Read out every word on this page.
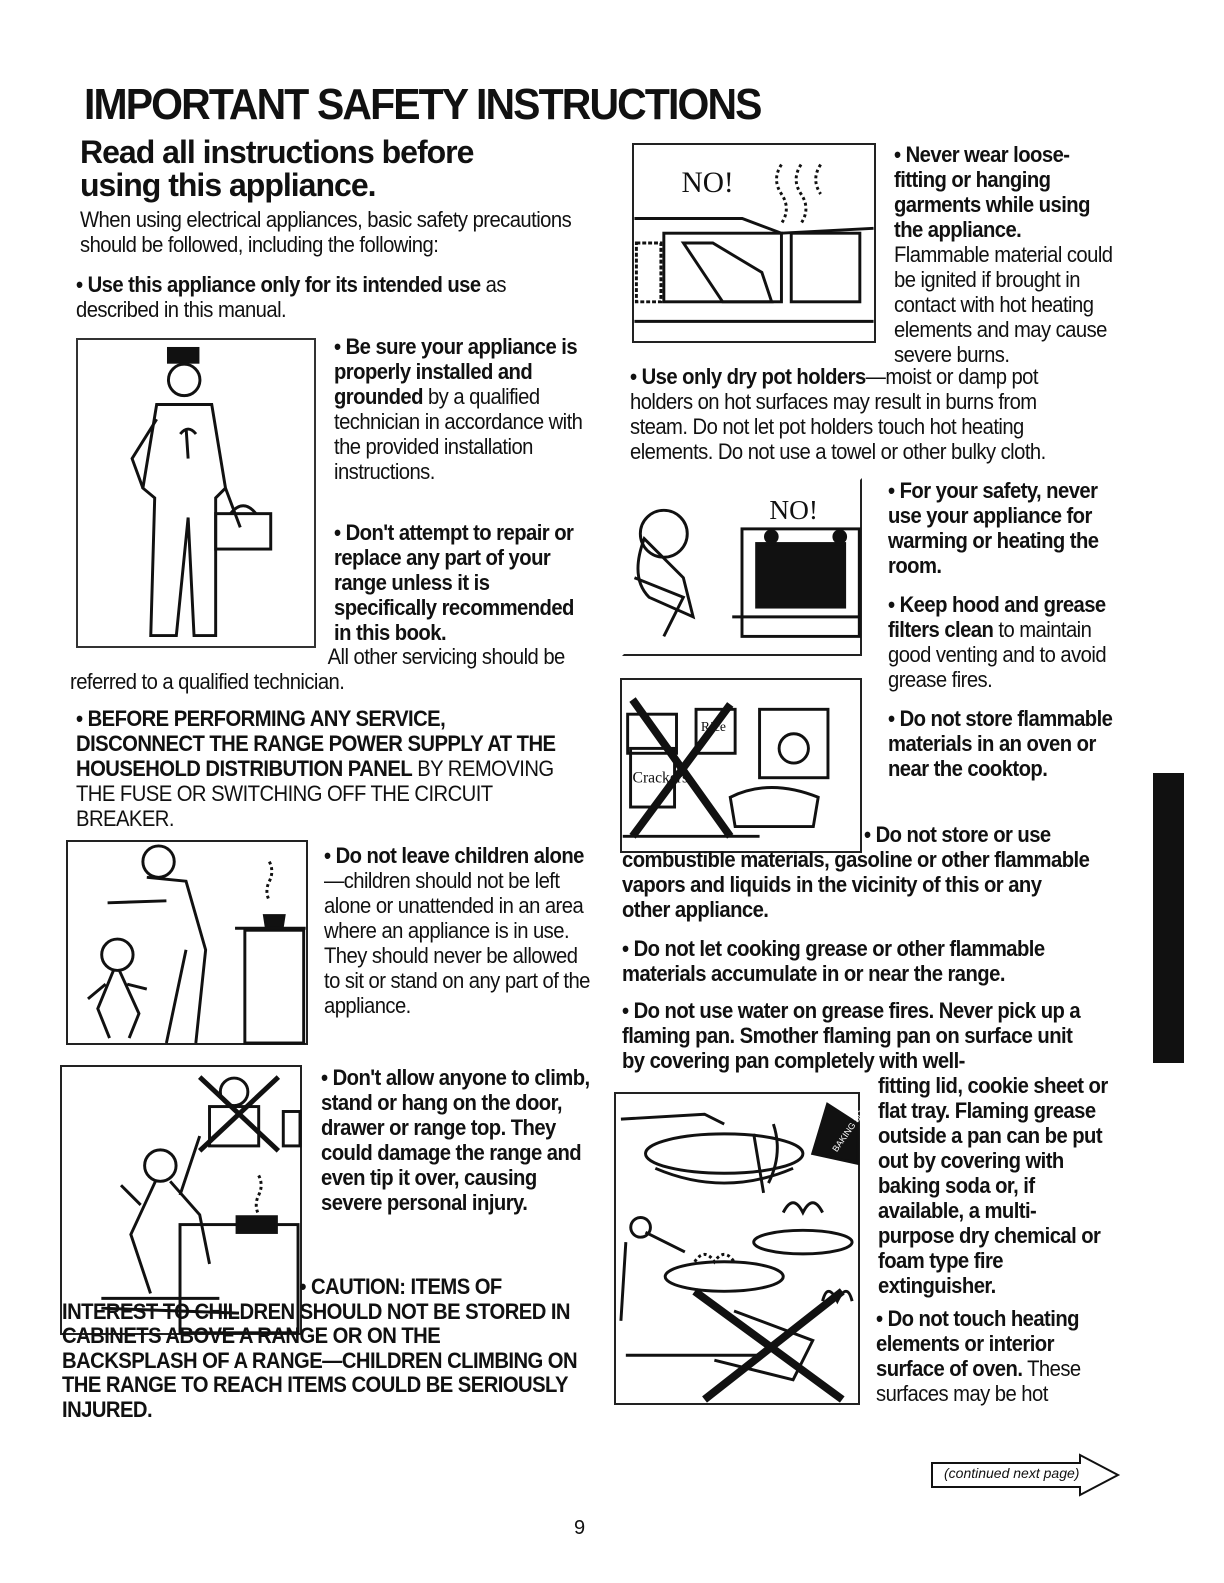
IMPORTANT SAFETY INSTRUCTIONS
Read all instructions before using this appliance.
When using electrical appliances, basic safety precautions should be followed, including the following:
• Use this appliance only for its intended use as described in this manual.
• Be sure your appliance is properly installed and grounded by a qualified technician in accordance with the provided installation instructions.
• Don't attempt to repair or replace any part of your range unless it is specifically recommended in this book.
All other servicing should be referred to a qualified technician.
• BEFORE PERFORMING ANY SERVICE, DISCONNECT THE RANGE POWER SUPPLY AT THE HOUSEHOLD DISTRIBUTION PANEL BY REMOVING THE FUSE OR SWITCHING OFF THE CIRCUIT BREAKER.
• Do not leave children alone—children should not be left alone or unattended in an area where an appliance is in use. They should never be allowed to sit or stand on any part of the appliance.
• Don't allow anyone to climb, stand or hang on the door, drawer or range top. They could damage the range and even tip it over, causing severe personal injury.
• CAUTION: ITEMS OF INTEREST TO CHILDREN SHOULD NOT BE STORED IN CABINETS ABOVE A RANGE OR ON THE BACKSPLASH OF A RANGE—CHILDREN CLIMBING ON THE RANGE TO REACH ITEMS COULD BE SERIOUSLY INJURED.
NO!
• Never wear loose-fitting or hanging garments while using the appliance. Flammable material could be ignited if brought in contact with hot heating elements and may cause severe burns.
• Use only dry pot holders—moist or damp pot holders on hot surfaces may result in burns from steam. Do not let pot holders touch hot heating elements. Do not use a towel or other bulky cloth.
NO!
• For your safety, never use your appliance for warming or heating the room.
• Keep hood and grease filters clean to maintain good venting and to avoid grease fires.
Crackers
Rice	• Do not store flammable materials in an oven or near the cooktop.
• Do not store or use combustible materials, gasoline or other flammable vapors and liquids in the vicinity of this or any other appliance.
• Do not let cooking grease or other flammable materials accumulate in or near the range.
BAKING SODA
• Do not use water on grease fires. Never pick up a flaming pan. Smother flaming pan on surface unit by covering pan completely with well-
fitting lid, cookie sheet or flat tray. Flaming grease outside a pan can be put out by covering with baking soda or, if available, a multi-purpose dry chemical or foam type fire extinguisher.
• Do not touch heating elements or interior surface of oven. These surfaces may be hot
(continued next page)
9
